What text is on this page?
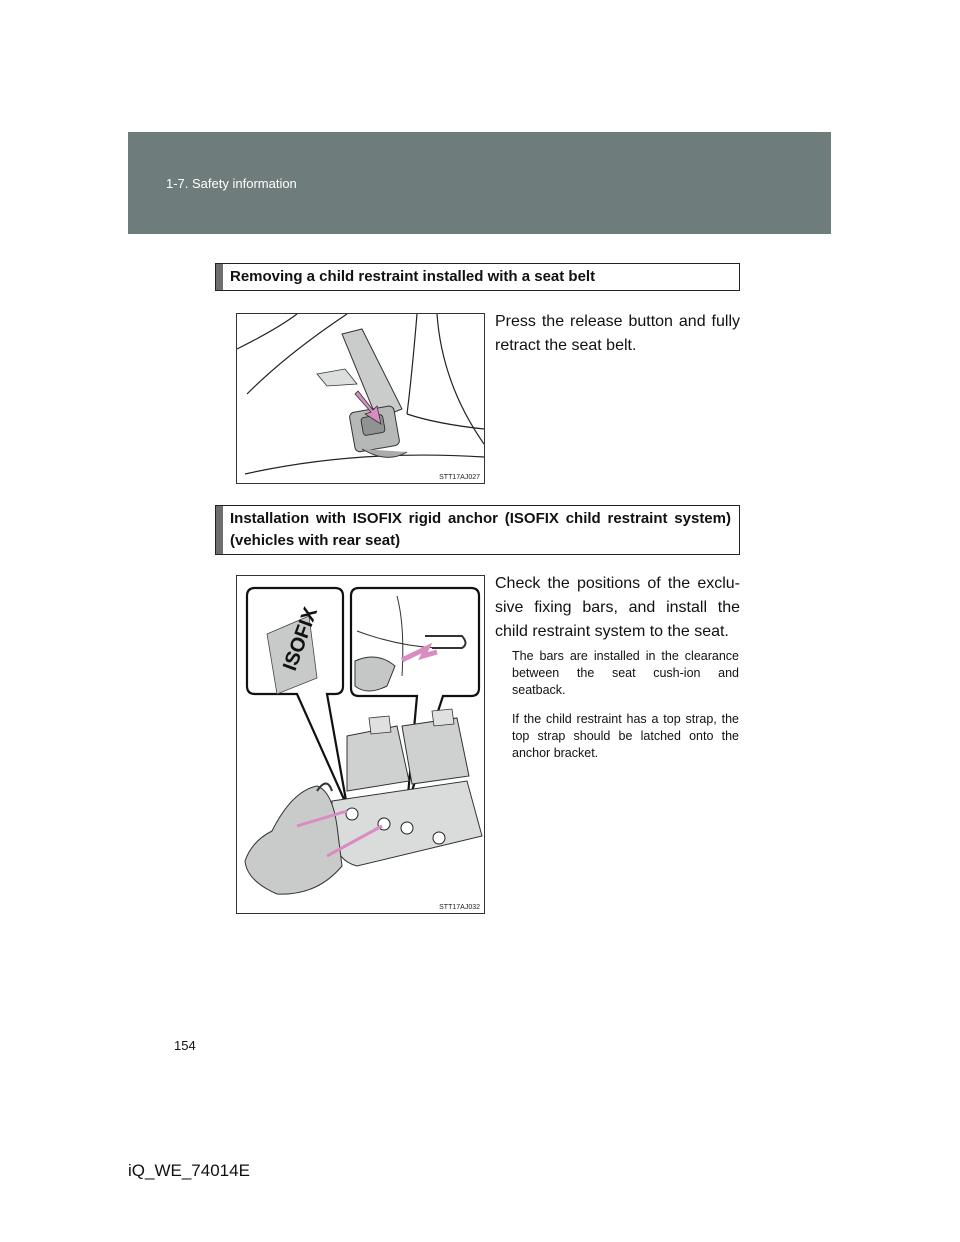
1-7. Safety information
Removing a child restraint installed with a seat belt
STT17AJ027
Press the release button and fully retract the seat belt.
Installation with ISOFIX rigid anchor (ISOFIX child restraint system) (vehicles with rear seat)
ISOFIX
STT17AJ032
Check the positions of the exclu-sive fixing bars, and install the child restraint system to the seat.
The bars are installed in the clearance between the seat cush-ion and seatback.
If the child restraint has a top strap, the top strap should be latched onto the anchor bracket.
154
iQ_WE_74014E
